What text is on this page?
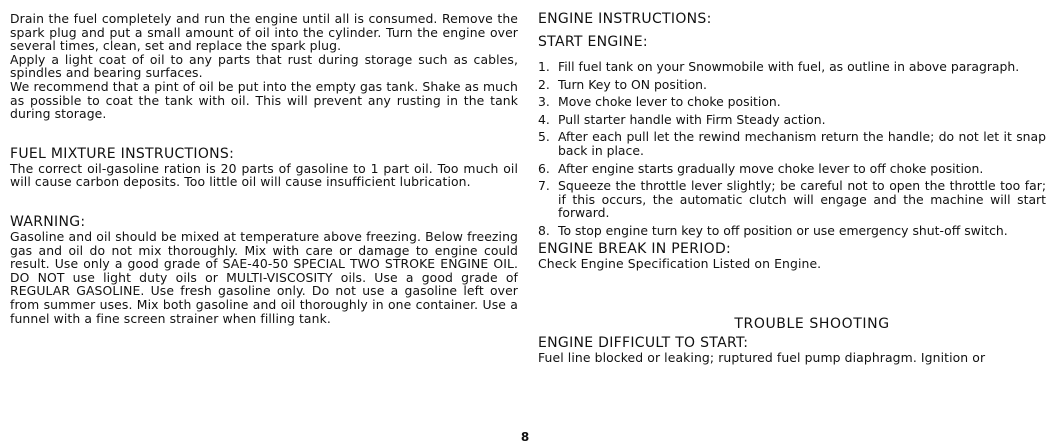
Drain the fuel completely and run the engine until all is consumed. Remove the spark plug and put a small amount of oil into the cylinder. Turn the engine over several times, clean, set and replace the spark plug.

Apply a light coat of oil to any parts that rust during storage such as cables, spindles and bearing surfaces.

We recommend that a pint of oil be put into the empty gas tank. Shake as much as possible to coat the tank with oil. This will prevent any rusting in the tank during storage.

FUEL MIXTURE INSTRUCTIONS:

The correct oil-gasoline ration is 20 parts of gasoline to 1 part oil. Too much oil will cause carbon deposits. Too little oil will cause insufficient lubrication.

WARNING:

Gasoline and oil should be mixed at temperature above freezing. Below freezing gas and oil do not mix thoroughly. Mix with care or damage to engine could result. Use only a good grade of SAE-40-50 SPECIAL TWO STROKE ENGINE OIL. DO NOT use light duty oils or MULTI-VISCOSITY oils. Use a good grade of REGULAR GASOLINE. Use fresh gasoline only. Do not use a gasoline left over from summer uses. Mix both gasoline and oil thoroughly in one container. Use a funnel with a fine screen strainer when filling tank.

ENGINE INSTRUCTIONS:

START ENGINE:

1. Fill fuel tank on your Snowmobile with fuel, as outline in above paragraph.
2. Turn Key to ON position.
3. Move choke lever to choke position.
4. Pull starter handle with Firm Steady action.
5. After each pull let the rewind mechanism return the handle; do not let it snap back in place.
6. After engine starts gradually move choke lever to off choke position.
7. Squeeze the throttle lever slightly; be careful not to open the throttle too far; if this occurs, the automatic clutch will engage and the machine will start forward.
8. To stop engine turn key to off position or use emergency shut-off switch.

ENGINE BREAK IN PERIOD:

Check Engine Specification Listed on Engine.

TROUBLE SHOOTING

ENGINE DIFFICULT TO START:

Fuel line blocked or leaking; ruptured fuel pump diaphragm. Ignition or

8
